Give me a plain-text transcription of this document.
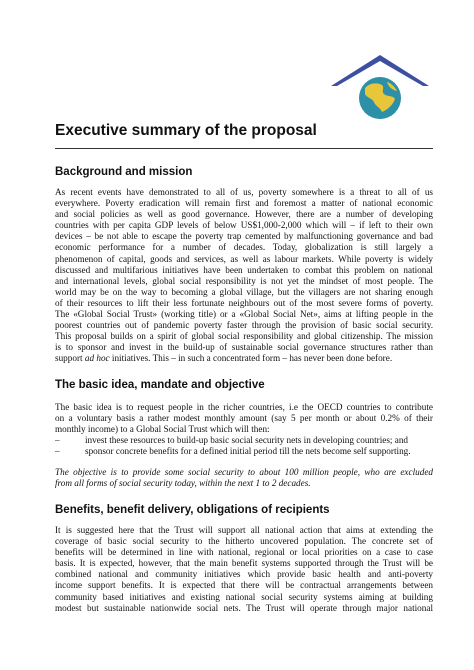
Executive summary of the proposal
Background and mission
As recent events have demonstrated to all of us, poverty somewhere is a threat to all of us
everywhere. Poverty eradication will remain first and foremost a matter of national economic
and social policies as well as good governance. However, there are a number of developing
countries with per capita GDP levels of below US$1,000-2,000 which will – if left to their own
devices – be not able to escape the poverty trap cemented by malfunctioning governance and bad
economic performance for a number of decades. Today, globalization is still largely a
phenomenon of capital, goods and services, as well as labour markets. While poverty is widely
discussed and multifarious initiatives have been undertaken to combat this problem on national
and international levels, global social responsibility is not yet the mindset of most people. The
world may be on the way to becoming a global village, but the villagers are not sharing enough
of their resources to lift their less fortunate neighbours out of the most severe forms of poverty.
The «Global Social Trust» (working title) or a «Global Social Net», aims at lifting people in the
poorest countries out of pandemic poverty faster through the provision of basic social security.
This proposal builds on a spirit of global social responsibility and global citizenship. The mission
is to sponsor and invest in the build-up of sustainable social governance structures rather than
support ad hoc initiatives. This – in such a concentrated form – has never been done before.
The basic idea, mandate and objective
The basic idea is to request people in the richer countries, i.e the OECD countries to contribute
on a voluntary basis a rather modest monthly amount (say 5 per month or about 0.2% of their
monthly income) to a Global Social Trust which will then:
–	invest these resources to build-up basic social security nets in developing countries; and
–	sponsor concrete benefits for a defined initial period till the nets become self supporting.
The objective is to provide some social security to about 100 million people, who are excluded
from all forms of social security today, within the next 1 to 2 decades.
Benefits, benefit delivery, obligations of recipients
It is suggested here that the Trust will support all national action that aims at extending the
coverage of basic social security to the hitherto uncovered population. The concrete set of
benefits will be determined in line with national, regional or local priorities on a case to case
basis. It is expected, however, that the main benefit systems supported through the Trust will be
combined national and community initiatives which provide basic health and anti-poverty
income support benefits. It is expected that there will be contractual arrangements between
community based initiatives and existing national social security systems aiming at building
modest but sustainable nationwide social nets. The Trust will operate through major national
